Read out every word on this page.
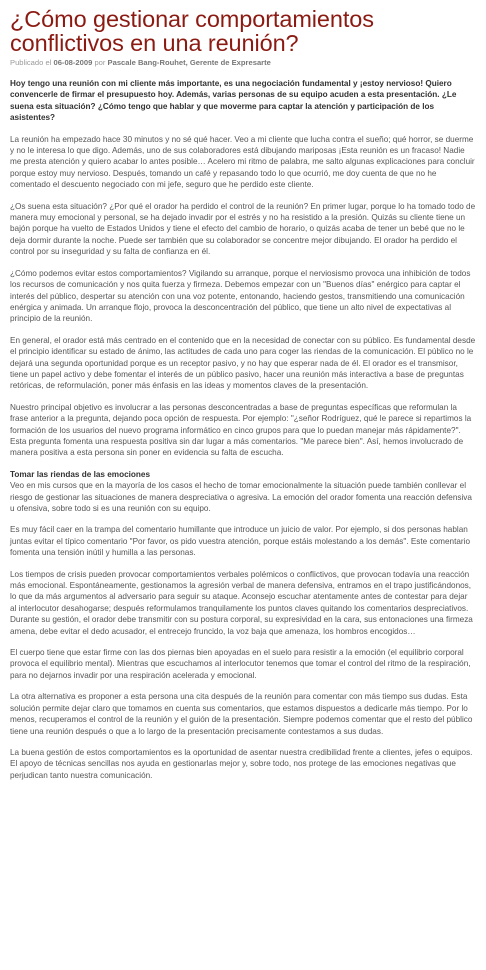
¿Cómo gestionar comportamientos conflictivos en una reunión?
Publicado el 06-08-2009 por Pascale Bang-Rouhet, Gerente de Expresarte

Hoy tengo una reunión con mi cliente más importante, es una negociación fundamental y ¡estoy nervioso! Quiero convencerle de firmar el presupuesto hoy. Además, varias personas de su equipo acuden a esta presentación. ¿Le suena esta situación? ¿Cómo tengo que hablar y que moverme para captar la atención y participación de los asistentes?

La reunión ha empezado hace 30 minutos y no sé qué hacer. Veo a mi cliente que lucha contra el sueño; qué horror, se duerme y no le interesa lo que digo. Además, uno de sus colaboradores está dibujando mariposas ¡Esta reunión es un fracaso! Nadie me presta atención y quiero acabar lo antes posible… Acelero mi ritmo de palabra, me salto algunas explicaciones para concluir porque estoy muy nervioso. Después, tomando un café y repasando todo lo que ocurrió, me doy cuenta de que no he comentado el descuento negociado con mi jefe, seguro que he perdido este cliente.

¿Os suena esta situación? ¿Por qué el orador ha perdido el control de la reunión? En primer lugar, porque lo ha tomado todo de manera muy emocional y personal, se ha dejado invadir por el estrés y no ha resistido a la presión. Quizás su cliente tiene un bajón porque ha vuelto de Estados Unidos y tiene el efecto del cambio de horario, o quizás acaba de tener un bebé que no le deja dormir durante la noche. Puede ser también que su colaborador se concentre mejor dibujando. El orador ha perdido el control por su inseguridad y su falta de confianza en él.

¿Cómo podemos evitar estos comportamientos? Vigilando su arranque, porque el nerviosismo provoca una inhibición de todos los recursos de comunicación y nos quita fuerza y firmeza. Debemos empezar con un "Buenos días" enérgico para captar el interés del público, despertar su atención con una voz potente, entonando, haciendo gestos, transmitiendo una comunicación enérgica y animada. Un arranque flojo, provoca la desconcentración del público, que tiene un alto nivel de expectativas al principio de la reunión.

En general, el orador está más centrado en el contenido que en la necesidad de conectar con su público. Es fundamental desde el principio identificar su estado de ánimo, las actitudes de cada uno para coger las riendas de la comunicación. El público no le dejará una segunda oportunidad porque es un receptor pasivo, y no hay que esperar nada de él. El orador es el transmisor, tiene un papel activo y debe fomentar el interés de un público pasivo, hacer una reunión más interactiva a base de preguntas retóricas, de reformulación, poner más énfasis en las ideas y momentos claves de la presentación.

Nuestro principal objetivo es involucrar a las personas desconcentradas a base de preguntas específicas que reformulan la frase anterior a la pregunta, dejando poca opción de respuesta. Por ejemplo: "¿señor Rodríguez, qué le parece si repartimos la formación de los usuarios del nuevo programa informático en cinco grupos para que lo puedan manejar más rápidamente?". Esta pregunta fomenta una respuesta positiva sin dar lugar a más comentarios. "Me parece bien". Así, hemos involucrado de manera positiva a esta persona sin poner en evidencia su falta de escucha.

Tomar las riendas de las emociones

Veo en mis cursos que en la mayoría de los casos el hecho de tomar emocionalmente la situación puede también conllevar el riesgo de gestionar las situaciones de manera despreciativa o agresiva. La emoción del orador fomenta una reacción defensiva u ofensiva, sobre todo si es una reunión con su equipo.

Es muy fácil caer en la trampa del comentario humillante que introduce un juicio de valor. Por ejemplo, si dos personas hablan juntas evitar el típico comentario "Por favor, os pido vuestra atención, porque estáis molestando a los demás". Este comentario fomenta una tensión inútil y humilla a las personas.

Los tiempos de crisis pueden provocar comportamientos verbales polémicos o conflictivos, que provocan todavía una reacción más emocional. Espontáneamente, gestionamos la agresión verbal de manera defensiva, entramos en el trapo justificándonos, lo que da más argumentos al adversario para seguir su ataque. Aconsejo escuchar atentamente antes de contestar para dejar al interlocutor desahogarse; después reformulamos tranquilamente los puntos claves quitando los comentarios despreciativos. Durante su gestión, el orador debe transmitir con su postura corporal, su expresividad en la cara, sus entonaciones una firmeza amena, debe evitar el dedo acusador, el entrecejo fruncido, la voz baja que amenaza, los hombros encogidos…

El cuerpo tiene que estar firme con las dos piernas bien apoyadas en el suelo para resistir a la emoción (el equilibrio corporal provoca el equilibrio mental). Mientras que escuchamos al interlocutor tenemos que tomar el control del ritmo de la respiración, para no dejarnos invadir por una respiración acelerada y emocional.

La otra alternativa es proponer a esta persona una cita después de la reunión para comentar con más tiempo sus dudas. Esta solución permite dejar claro que tomamos en cuenta sus comentarios, que estamos dispuestos a dedicarle más tiempo. Por lo menos, recuperamos el control de la reunión y el guión de la presentación. Siempre podemos comentar que el resto del público tiene una reunión después o que a lo largo de la presentación precisamente contestamos a sus dudas.

La buena gestión de estos comportamientos es la oportunidad de asentar nuestra credibilidad frente a clientes, jefes o equipos. El apoyo de técnicas sencillas nos ayuda en gestionarlas mejor y, sobre todo, nos protege de las emociones negativas que perjudican tanto nuestra comunicación.
